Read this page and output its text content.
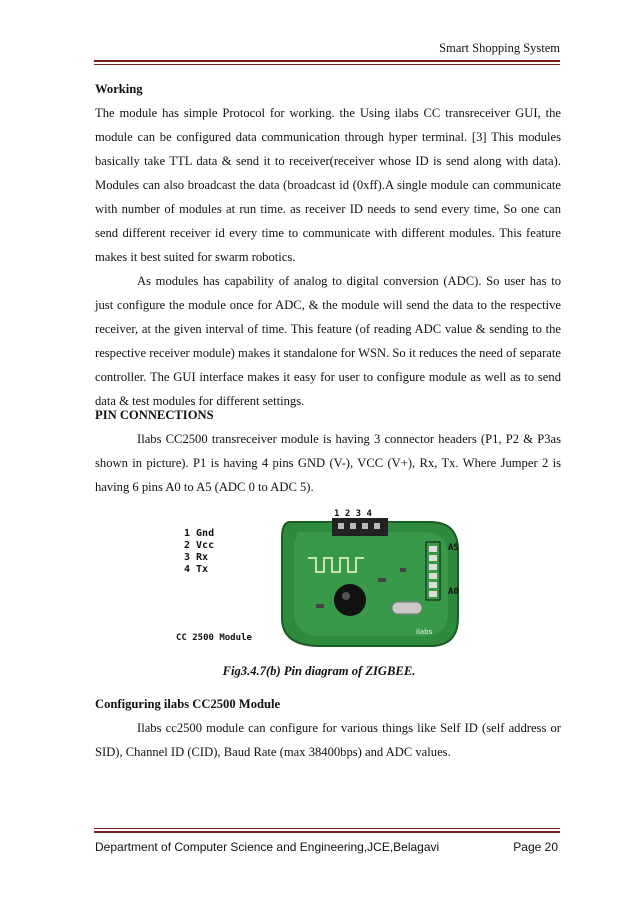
Smart Shopping System
Working

The module has simple Protocol for working. the Using ilabs CC transreceiver GUI, the module can be configured data communication through hyper terminal. [3] This modules basically take TTL data & send it to receiver(receiver whose ID is send along with data). Modules can also broadcast the data (broadcast id (0xff).A single module can communicate with number of modules at run time. as receiver ID needs to send every time, So one can send different receiver id every time to communicate with different modules. This feature makes it best suited for swarm robotics.

As modules has capability of analog to digital conversion (ADC). So user has to just configure the module once for ADC, & the module will send the data to the respective receiver, at the given interval of time. This feature (of reading ADC value & sending to the respective receiver module) makes it standalone for WSN. So it reduces the need of separate controller. The GUI interface makes it easy for user to configure module as well as to send data & test modules for different settings.

PIN CONNECTIONS

Ilabs CC2500 transreceiver module is having 3 connector headers (P1, P2 & P3as shown in picture). P1 is having 4 pins GND (V-), VCC (V+), Rx, Tx. Where Jumper 2 is having 6 pins A0 to A5 (ADC 0 to ADC 5).

1 Gnd
2 Vcc
3 Rx
4 Tx
1 2 3 4
A5
A0
ilabs
CC 2500 Module
Fig3.4.7(b) Pin diagram of ZIGBEE.
Configuring ilabs CC2500 Module

Ilabs cc2500 module can configure for various things like Self ID (self address or SID), Channel ID (CID), Baud Rate (max 38400bps) and ADC values.

Department of Computer Science and Engineering,JCE,Belagavi	Page 20
